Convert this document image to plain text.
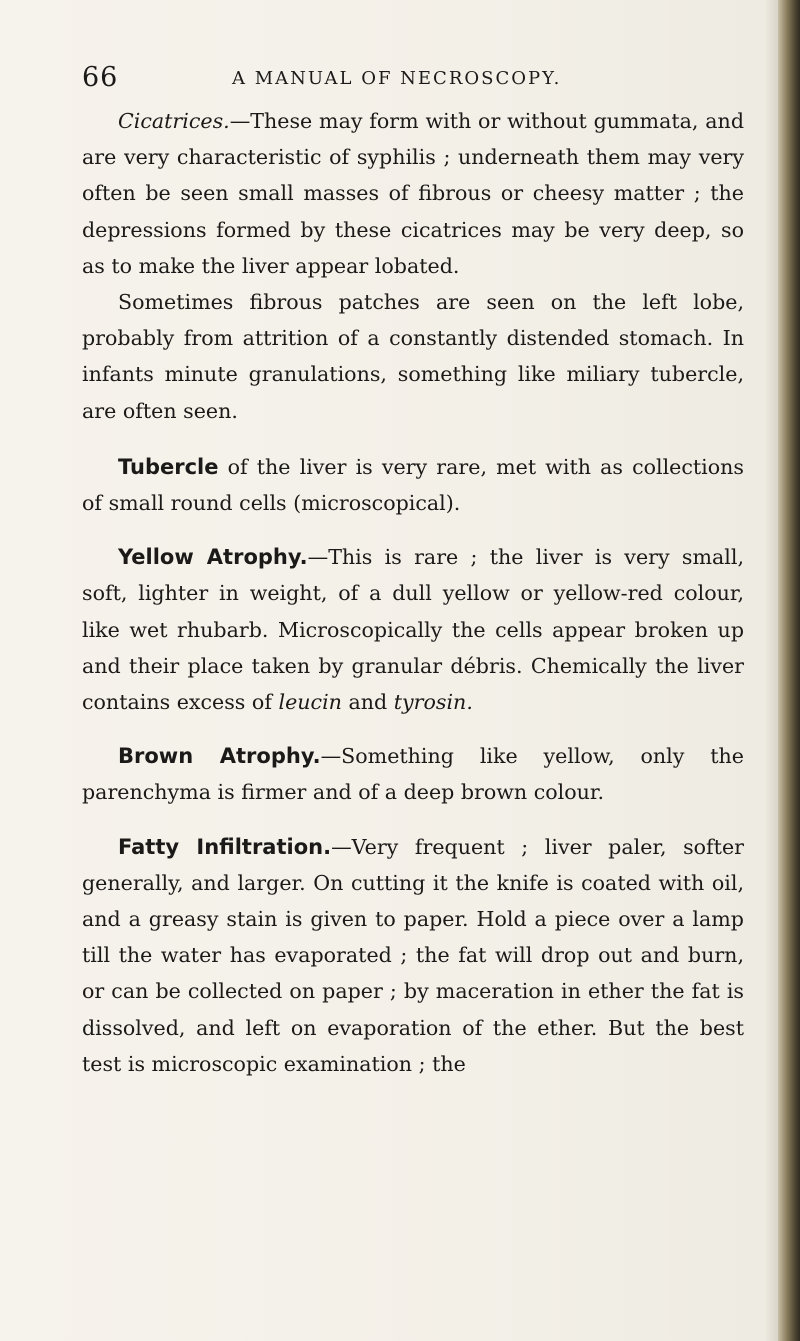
66	A MANUAL OF NECROSCOPY.

Cicatrices.—These may form with or without gummata, and are very characteristic of syphilis ; underneath them may very often be seen small masses of fibrous or cheesy matter ; the depressions formed by these cicatrices may be very deep, so as to make the liver appear lobated.

Sometimes fibrous patches are seen on the left lobe, probably from attrition of a constantly distended stomach. In infants minute granulations, something like miliary tubercle, are often seen.

Tubercle of the liver is very rare, met with as collections of small round cells (microscopical).

Yellow Atrophy.—This is rare ; the liver is very small, soft, lighter in weight, of a dull yellow or yellow-red colour, like wet rhubarb. Microscopically the cells appear broken up and their place taken by granular débris. Chemically the liver contains excess of leucin and tyrosin.

Brown Atrophy.—Something like yellow, only the parenchyma is firmer and of a deep brown colour.

Fatty Infiltration.—Very frequent ; liver paler, softer generally, and larger. On cutting it the knife is coated with oil, and a greasy stain is given to paper. Hold a piece over a lamp till the water has evaporated ; the fat will drop out and burn, or can be collected on paper ; by maceration in ether the fat is dissolved, and left on evaporation of the ether. But the best test is microscopic examination ; the
